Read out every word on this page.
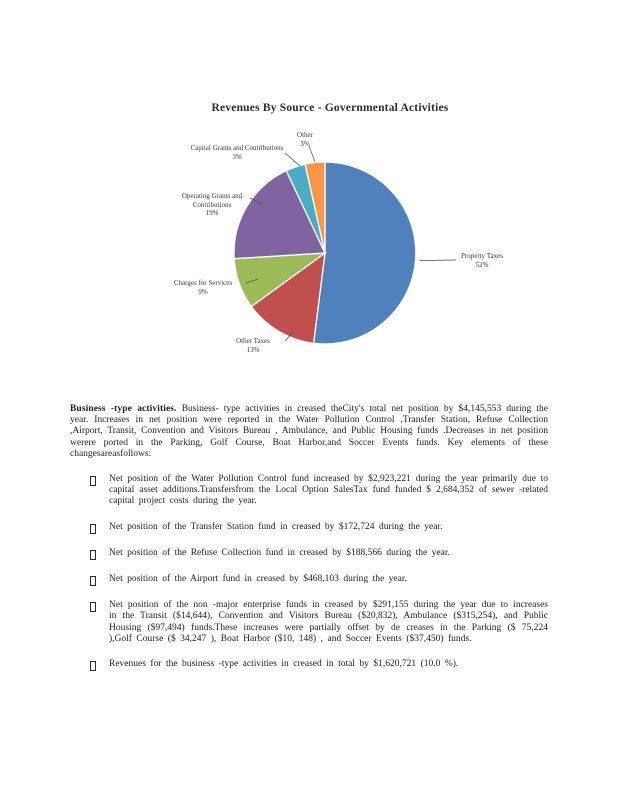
Revenues By Source - Governmental Activities
Property Taxes
52%
Other Taxes
13%
Charges for Services
9%
Operating Grants and Contributions
19%
Capital Grants and Contributions
3%
Other
3%

Business -type activities. Business- type activities in creased theCity's total net position by $4,145,553 during the year. Increases in net position were reported in the Water Pollution Control ,Transfer Station, Refuse Collection ,Airport, Transit, Convention and Visitors Bureau , Ambulance, and Public Housing funds .Decreases in net position werere ported in the Parking, Golf Course, Boat Harbor,and Soccer Events funds. Key elements of these changesareasfollows:

Net position of the Water Pollution Control fund increased by $2,923,221 during the year primarily due to capital asset additions.Transfersfrom the Local Option SalesTax fund funded $ 2,684,352 of sewer -related capital project costs during the year.
Net position of the Transfer Station fund in creased by $172,724 during the year.
Net position of the Refuse Collection fund in creased by $188,566 during the year.
Net position of the Airport fund in creased by $468,103 during the year.
Net position of the non -major enterprise funds in creased by $291,155 during the year due to increases in the Transit ($14,644), Convention and Visitors Bureau ($20,832), Ambulance ($315,254), and Public Housing ($97,494) funds.These increases were partially offset by de creases in the Parking ($ 75,224 ),Golf Course ($ 34,247 ), Boat Harbor ($10, 148) , and Soccer Events ($37,450) funds.
Revenues for the business -type activities in creased in total by $1,620,721 (10.0 %).
